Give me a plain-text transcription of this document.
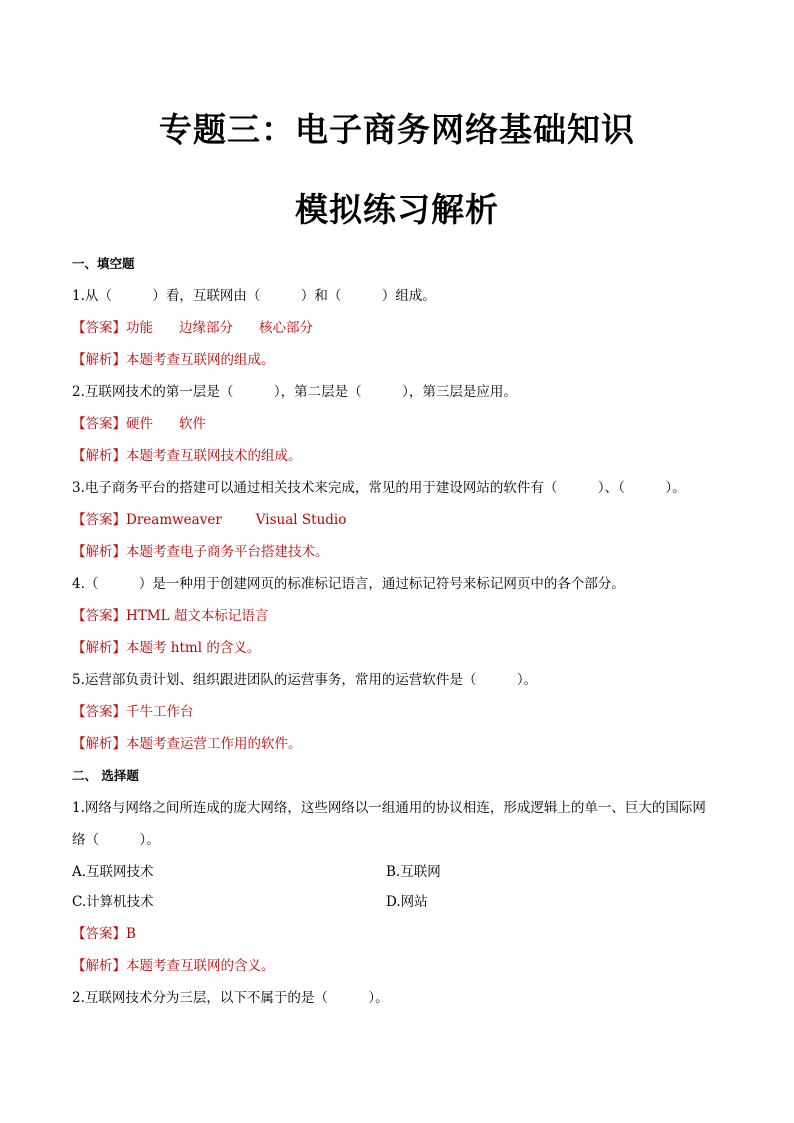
专题三：电子商务网络基础知识
模拟练习解析
一、填空题
1.从（　　　）看，互联网由（　　　）和（　　　）组成。
【答案】功能 边缘部分 核心部分
【解析】本题考查互联网的组成。
2.互联网技术的第一层是（　　　），第二层是（　　　），第三层是应用。
【答案】硬件 软件
【解析】本题考查互联网技术的组成。
3.电子商务平台的搭建可以通过相关技术来完成，常见的用于建设网站的软件有（　　　）、（　　　）。
【答案】Dreamweaver	Visual Studio
【解析】本题考查电子商务平台搭建技术。
4.（　　　）是一种用于创建网页的标准标记语言，通过标记符号来标记网页中的各个部分。
【答案】HTML 超文本标记语言
【解析】本题考 html 的含义。
5.运营部负责计划、组织跟进团队的运营事务，常用的运营软件是（　　　）。
【答案】千牛工作台
【解析】本题考查运营工作用的软件。
二、 选择题
1.网络与网络之间所连成的庞大网络，这些网络以一组通用的协议相连，形成逻辑上的单一、巨大的国际网
络（　　　）。
A.互联网技术	B.互联网
C.计算机技术	D.网站
【答案】B
【解析】本题考查互联网的含义。
2.互联网技术分为三层，以下不属于的是（　　　）。
